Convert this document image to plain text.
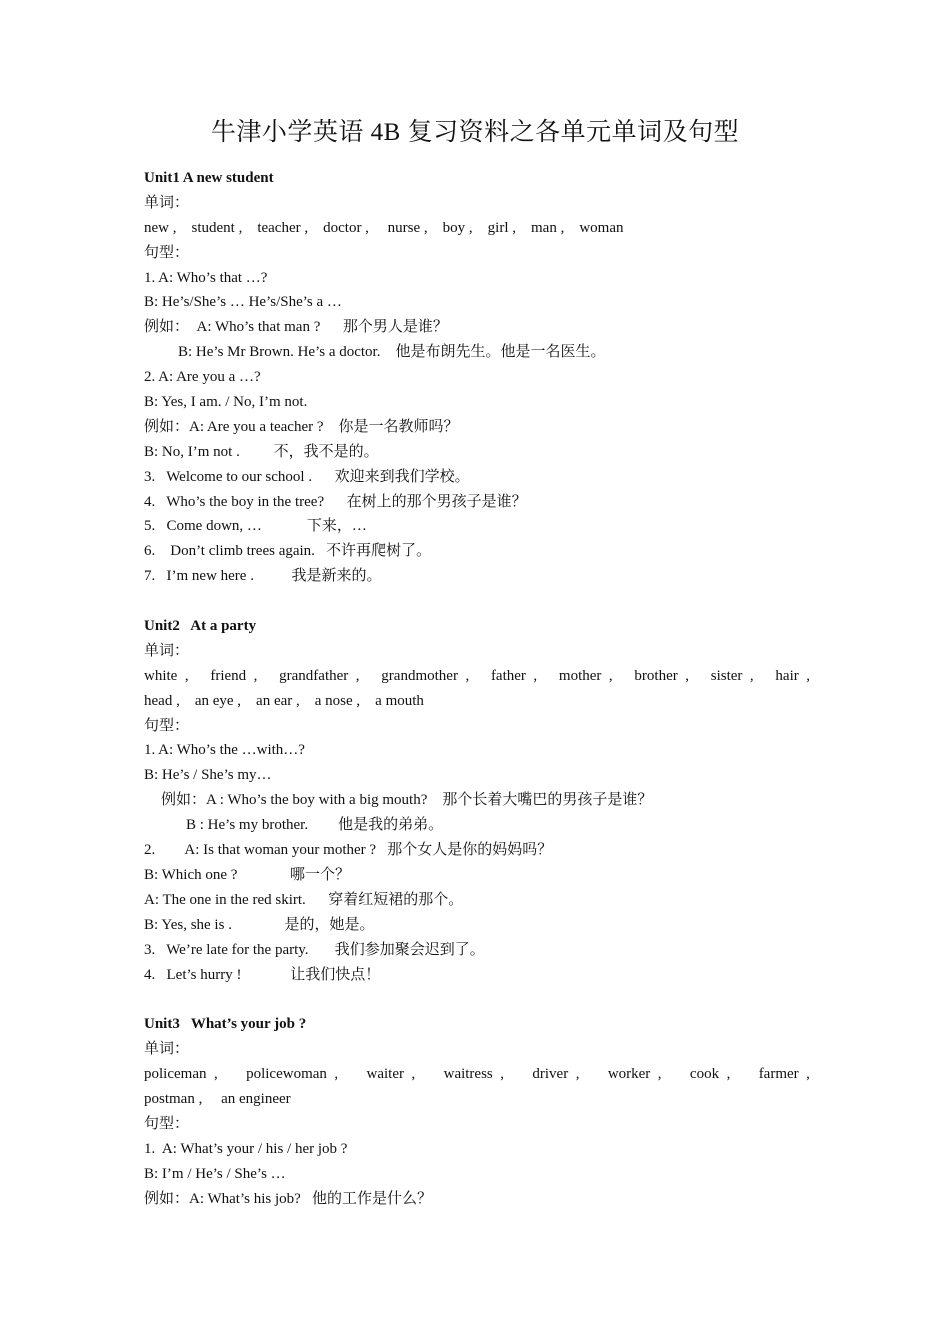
牛津小学英语 4B 复习资料之各单元单词及句型
Unit1 A new student
单词：
new ,    student ,    teacher ,    doctor ,     nurse ,    boy ,    girl ,    man ,    woman
句型：
1. A: Who’s that …?
B: He’s/She’s … He’s/She’s a …
例如：  A: Who’s that man ?      那个男人是谁？
B: He’s Mr Brown. He’s a doctor.    他是布朗先生。他是一名医生。
2. A: Are you a …?
B: Yes, I am. / No, I’m not.
例如：A: Are you a teacher ?    你是一名教师吗？
B: No, I’m not .         不，我不是的。
3.   Welcome to our school .      欢迎来到我们学校。
4.   Who’s the boy in the tree?      在树上的那个男孩子是谁？
5.   Come down, …            下来，…
6.    Don’t climb trees again.   不许再爬树了。
7.   I’m new here .          我是新来的。
Unit2   At a party
单词：
white  , friend  , grandfather  , grandmother  , father  , mother  , brother  , sister  , hair  ,
head ,    an eye ,    an ear ,    a nose ,    a mouth
句型：
1. A: Who’s the …with…?
B: He’s / She’s my…
例如：A : Who’s the boy with a big mouth?    那个长着大嘴巴的男孩子是谁？
B : He’s my brother.        他是我的弟弟。
2.        A: Is that woman your mother ?   那个女人是你的妈妈吗？
B: Which one ?              哪一个？
A: The one in the red skirt.      穿着红短裙的那个。
B: Yes, she is .              是的，她是。
3.   We’re late for the party.       我们参加聚会迟到了。
4.   Let’s hurry !             让我们快点！
Unit3   What’s your job ?
单词：
policeman  , policewoman  , waiter  , waitress  , driver  , worker  , cook  , farmer  ,
postman ,     an engineer
句型：
1.  A: What’s your / his / her job ?
B: I’m / He’s / She’s …
例如：A: What’s his job?   他的工作是什么？
